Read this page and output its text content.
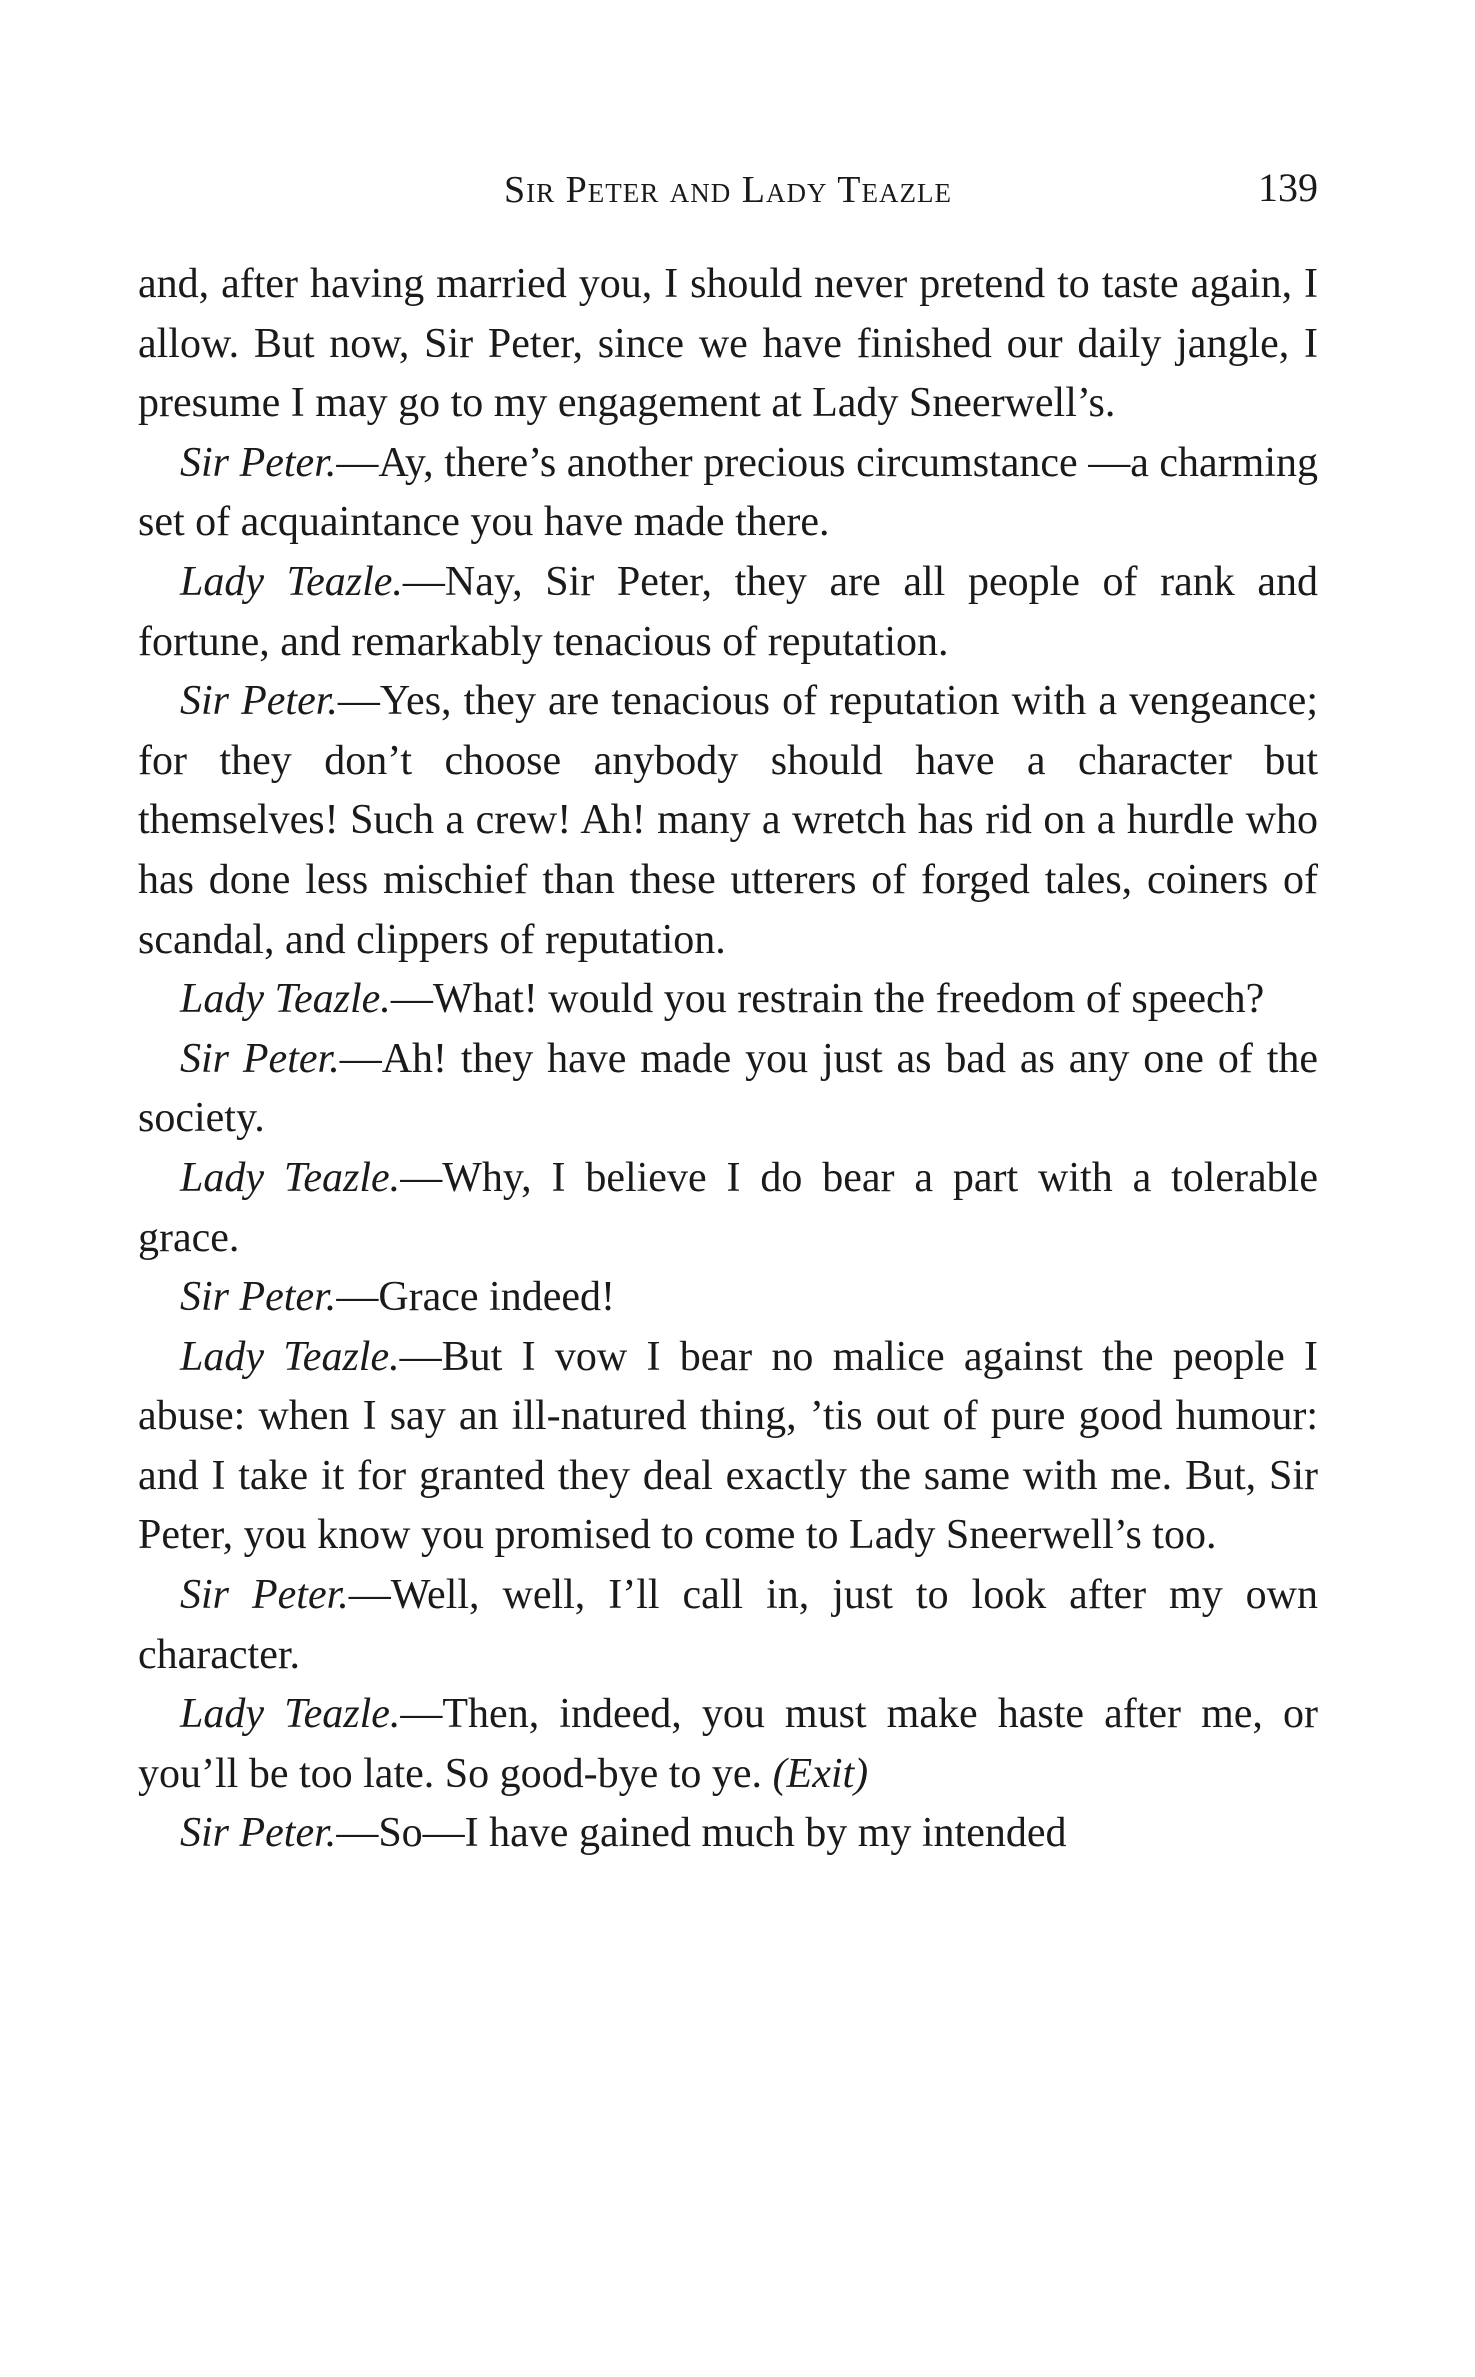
Sir Peter and Lady Teazle	139

and, after having married you, I should never pretend to taste again, I allow. But now, Sir Peter, since we have finished our daily jangle, I presume I may go to my engagement at Lady Sneerwell’s.

Sir Peter.—Ay, there’s another precious circumstance —a charming set of acquaintance you have made there.

Lady Teazle.—Nay, Sir Peter, they are all people of rank and fortune, and remarkably tenacious of reputation.

Sir Peter.—Yes, they are tenacious of reputation with a vengeance; for they don’t choose anybody should have a character but themselves! Such a crew! Ah! many a wretch has rid on a hurdle who has done less mischief than these utterers of forged tales, coiners of scandal, and clippers of reputation.

Lady Teazle.—What! would you restrain the freedom of speech?

Sir Peter.—Ah! they have made you just as bad as any one of the society.

Lady Teazle.—Why, I believe I do bear a part with a tolerable grace.

Sir Peter.—Grace indeed!

Lady Teazle.—But I vow I bear no malice against the people I abuse: when I say an ill-natured thing, ’tis out of pure good humour: and I take it for granted they deal exactly the same with me. But, Sir Peter, you know you promised to come to Lady Sneerwell’s too.

Sir Peter.—Well, well, I’ll call in, just to look after my own character.

Lady Teazle.—Then, indeed, you must make haste after me, or you’ll be too late. So good-bye to ye. (Exit)

Sir Peter.—So—I have gained much by my intended
